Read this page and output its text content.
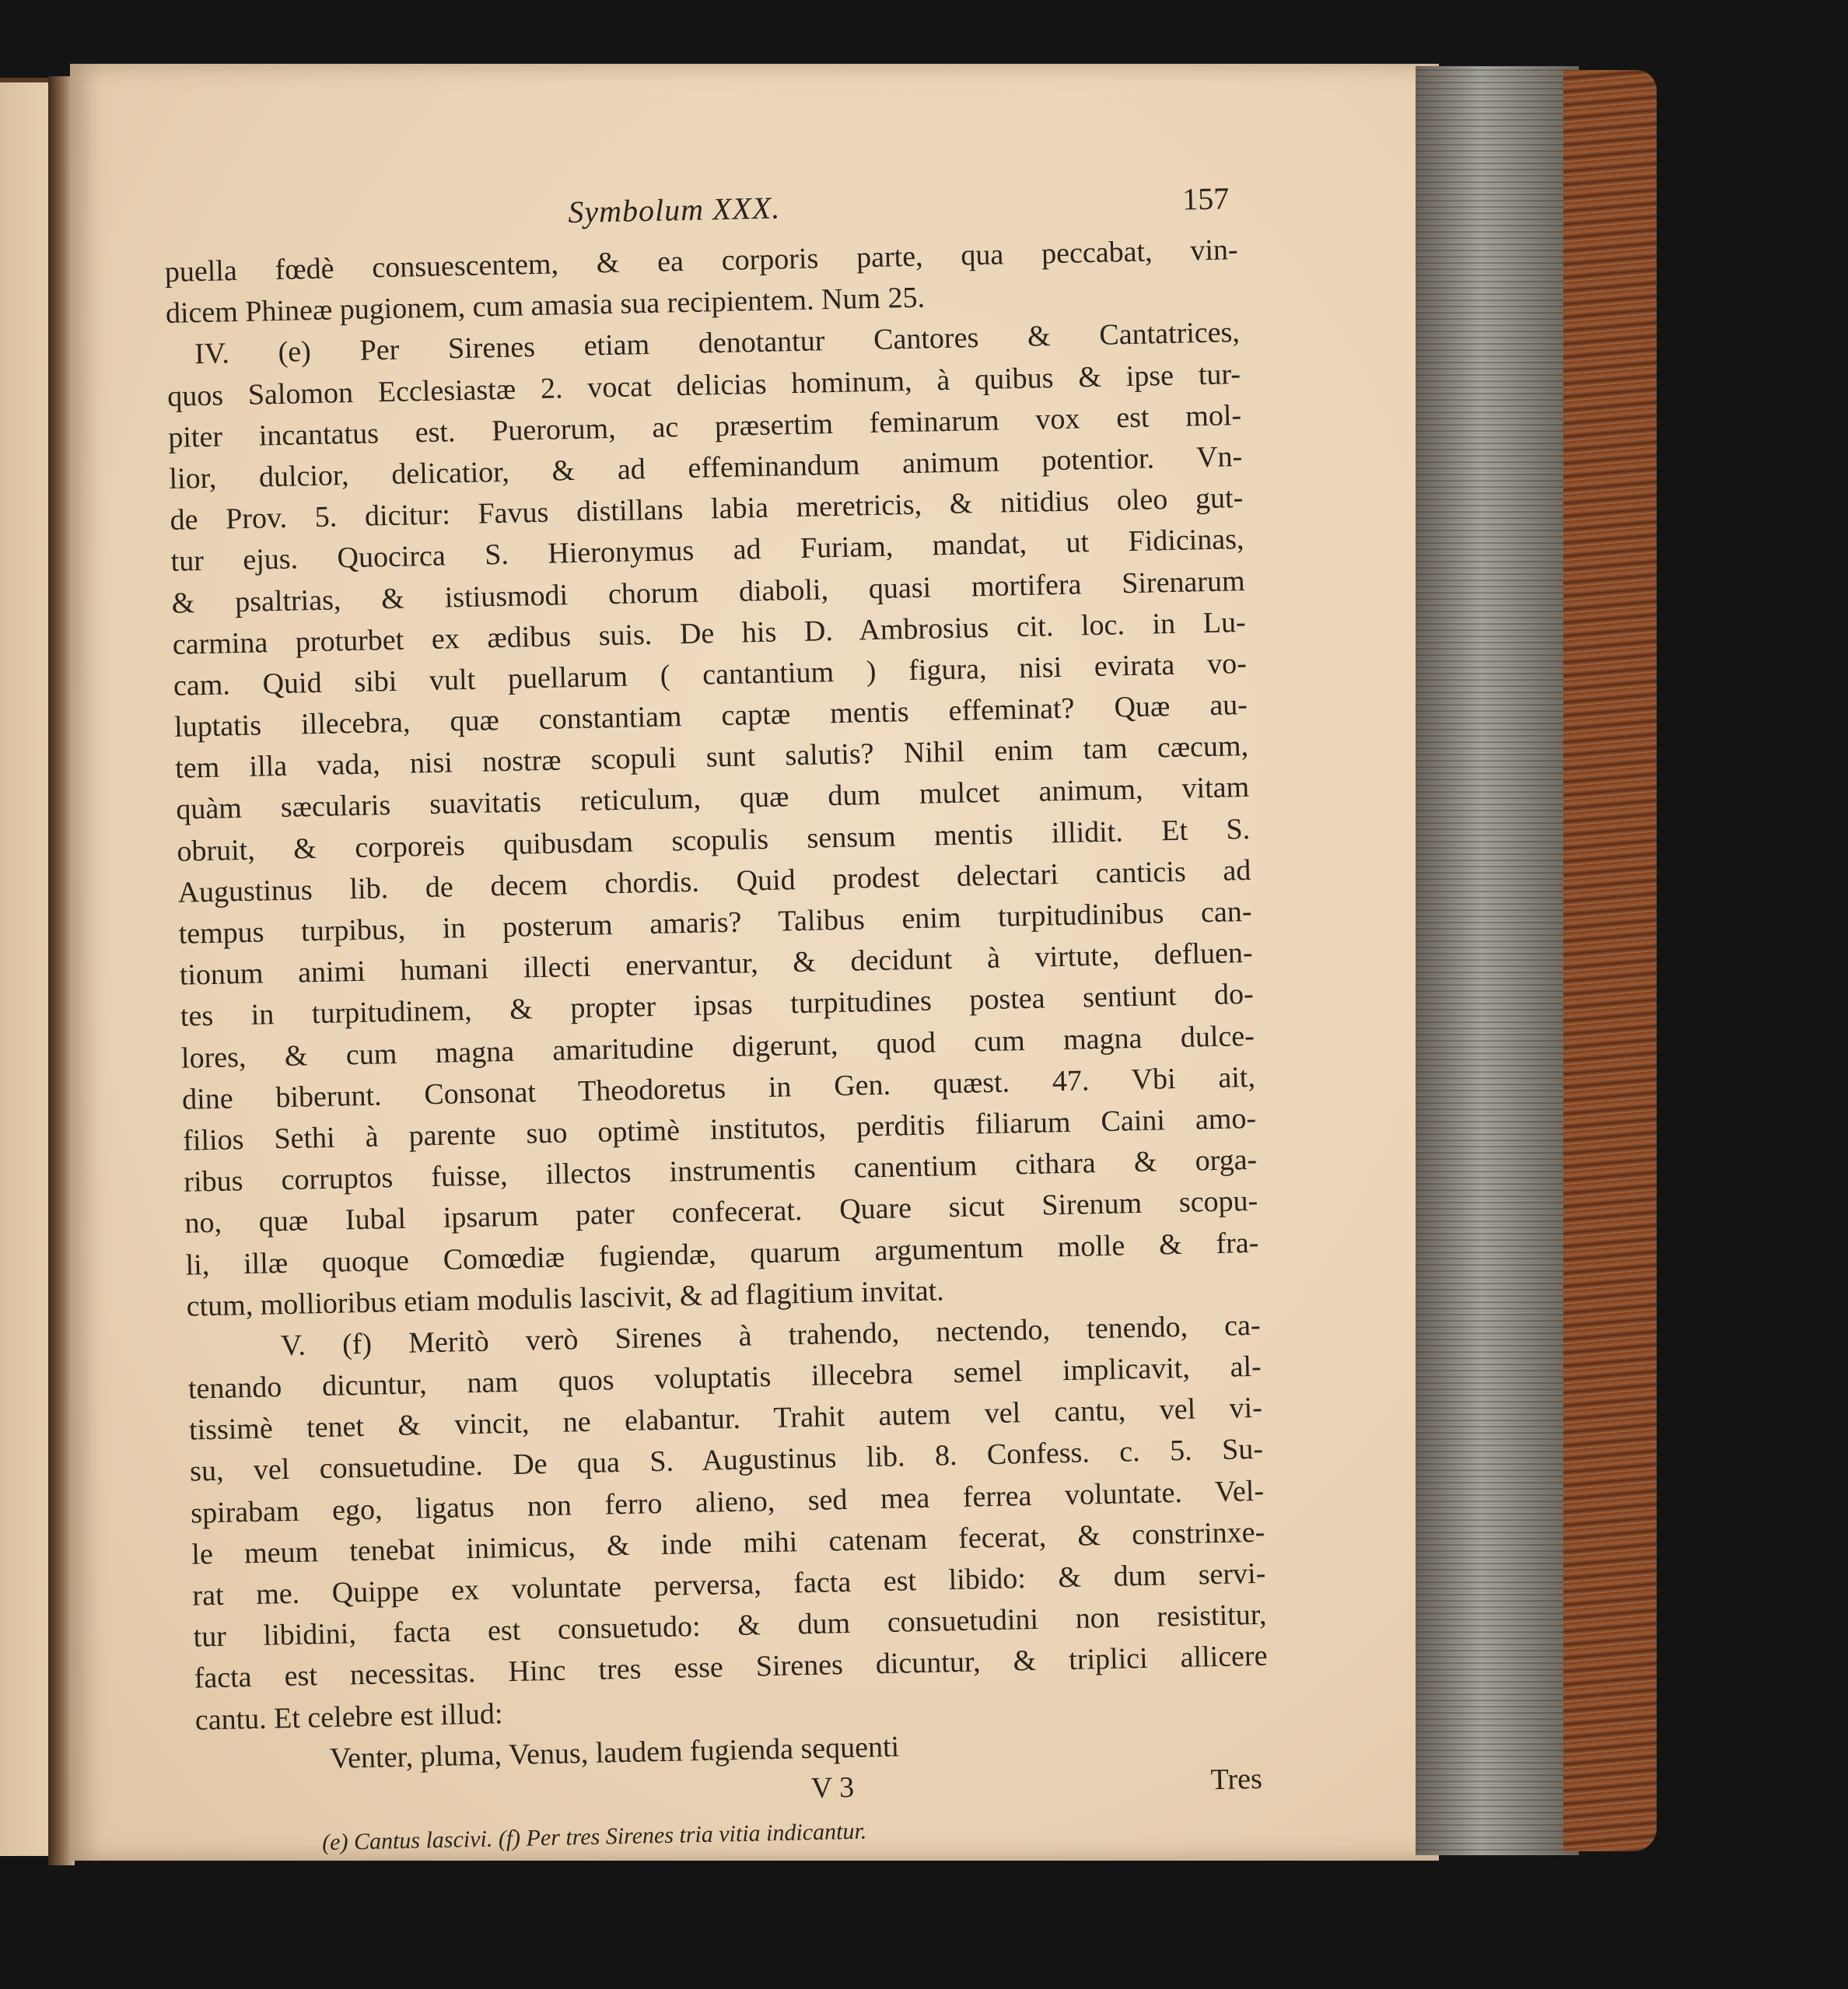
Symbolum XXX.	157
puella fœdè consuescentem, & ea corporis parte, qua peccabat, vin-
dicem Phineæ pugionem, cum amasia sua recipientem. Num 25.
IV. (e) Per Sirenes etiam denotantur Cantores & Cantatrices,
quos Salomon Ecclesiastæ 2. vocat delicias hominum, à quibus & ipse tur-
piter incantatus est. Puerorum, ac præsertim feminarum vox est mol-
lior, dulcior, delicatior, & ad effeminandum animum potentior. Vn-
de Prov. 5. dicitur: Favus distillans labia meretricis, & nitidius oleo gut-
tur ejus. Quocirca S. Hieronymus ad Furiam, mandat, ut Fidicinas,
& psaltrias, & istiusmodi chorum diaboli, quasi mortifera Sirenarum
carmina proturbet ex ædibus suis. De his D. Ambrosius cit. loc. in Lu-
cam. Quid sibi vult puellarum ( cantantium ) figura, nisi evirata vo-
luptatis illecebra, quæ constantiam captæ mentis effeminat? Quæ au-
tem illa vada, nisi nostræ scopuli sunt salutis? Nihil enim tam cæcum,
quàm sæcularis suavitatis reticulum, quæ dum mulcet animum, vitam
obruit, & corporeis quibusdam scopulis sensum mentis illidit. Et S.
Augustinus lib. de decem chordis. Quid prodest delectari canticis ad
tempus turpibus, in posterum amaris? Talibus enim turpitudinibus can-
tionum animi humani illecti enervantur, & decidunt à virtute, defluen-
tes in turpitudinem, & propter ipsas turpitudines postea sentiunt do-
lores, & cum magna amaritudine digerunt, quod cum magna dulce-
dine biberunt. Consonat Theodoretus in Gen. quæst. 47. Vbi ait,
filios Sethi à parente suo optimè institutos, perditis filiarum Caini amo-
ribus corruptos fuisse, illectos instrumentis canentium cithara & orga-
no, quæ Iubal ipsarum pater confecerat. Quare sicut Sirenum scopu-
li, illæ quoque Comœdiæ fugiendæ, quarum argumentum molle & fra-
ctum, mollioribus etiam modulis lascivit, & ad flagitium invitat.
V. (f) Meritò verò Sirenes à trahendo, nectendo, tenendo, ca-
tenando dicuntur, nam quos voluptatis illecebra semel implicavit, al-
tissimè tenet & vincit, ne elabantur. Trahit autem vel cantu, vel vi-
su, vel consuetudine. De qua S. Augustinus lib. 8. Confess. c. 5. Su-
spirabam ego, ligatus non ferro alieno, sed mea ferrea voluntate. Vel-
le meum tenebat inimicus, & inde mihi catenam fecerat, & constrinxe-
rat me. Quippe ex voluntate perversa, facta est libido: & dum servi-
tur libidini, facta est consuetudo: & dum consuetudini non resistitur,
facta est necessitas. Hinc tres esse Sirenes dicuntur, & triplici allicere
cantu. Et celebre est illud:
Venter, pluma, Venus, laudem fugienda sequenti
V 3	Tres
(e) Cantus lascivi. (f) Per tres Sirenes tria vitia indicantur.
